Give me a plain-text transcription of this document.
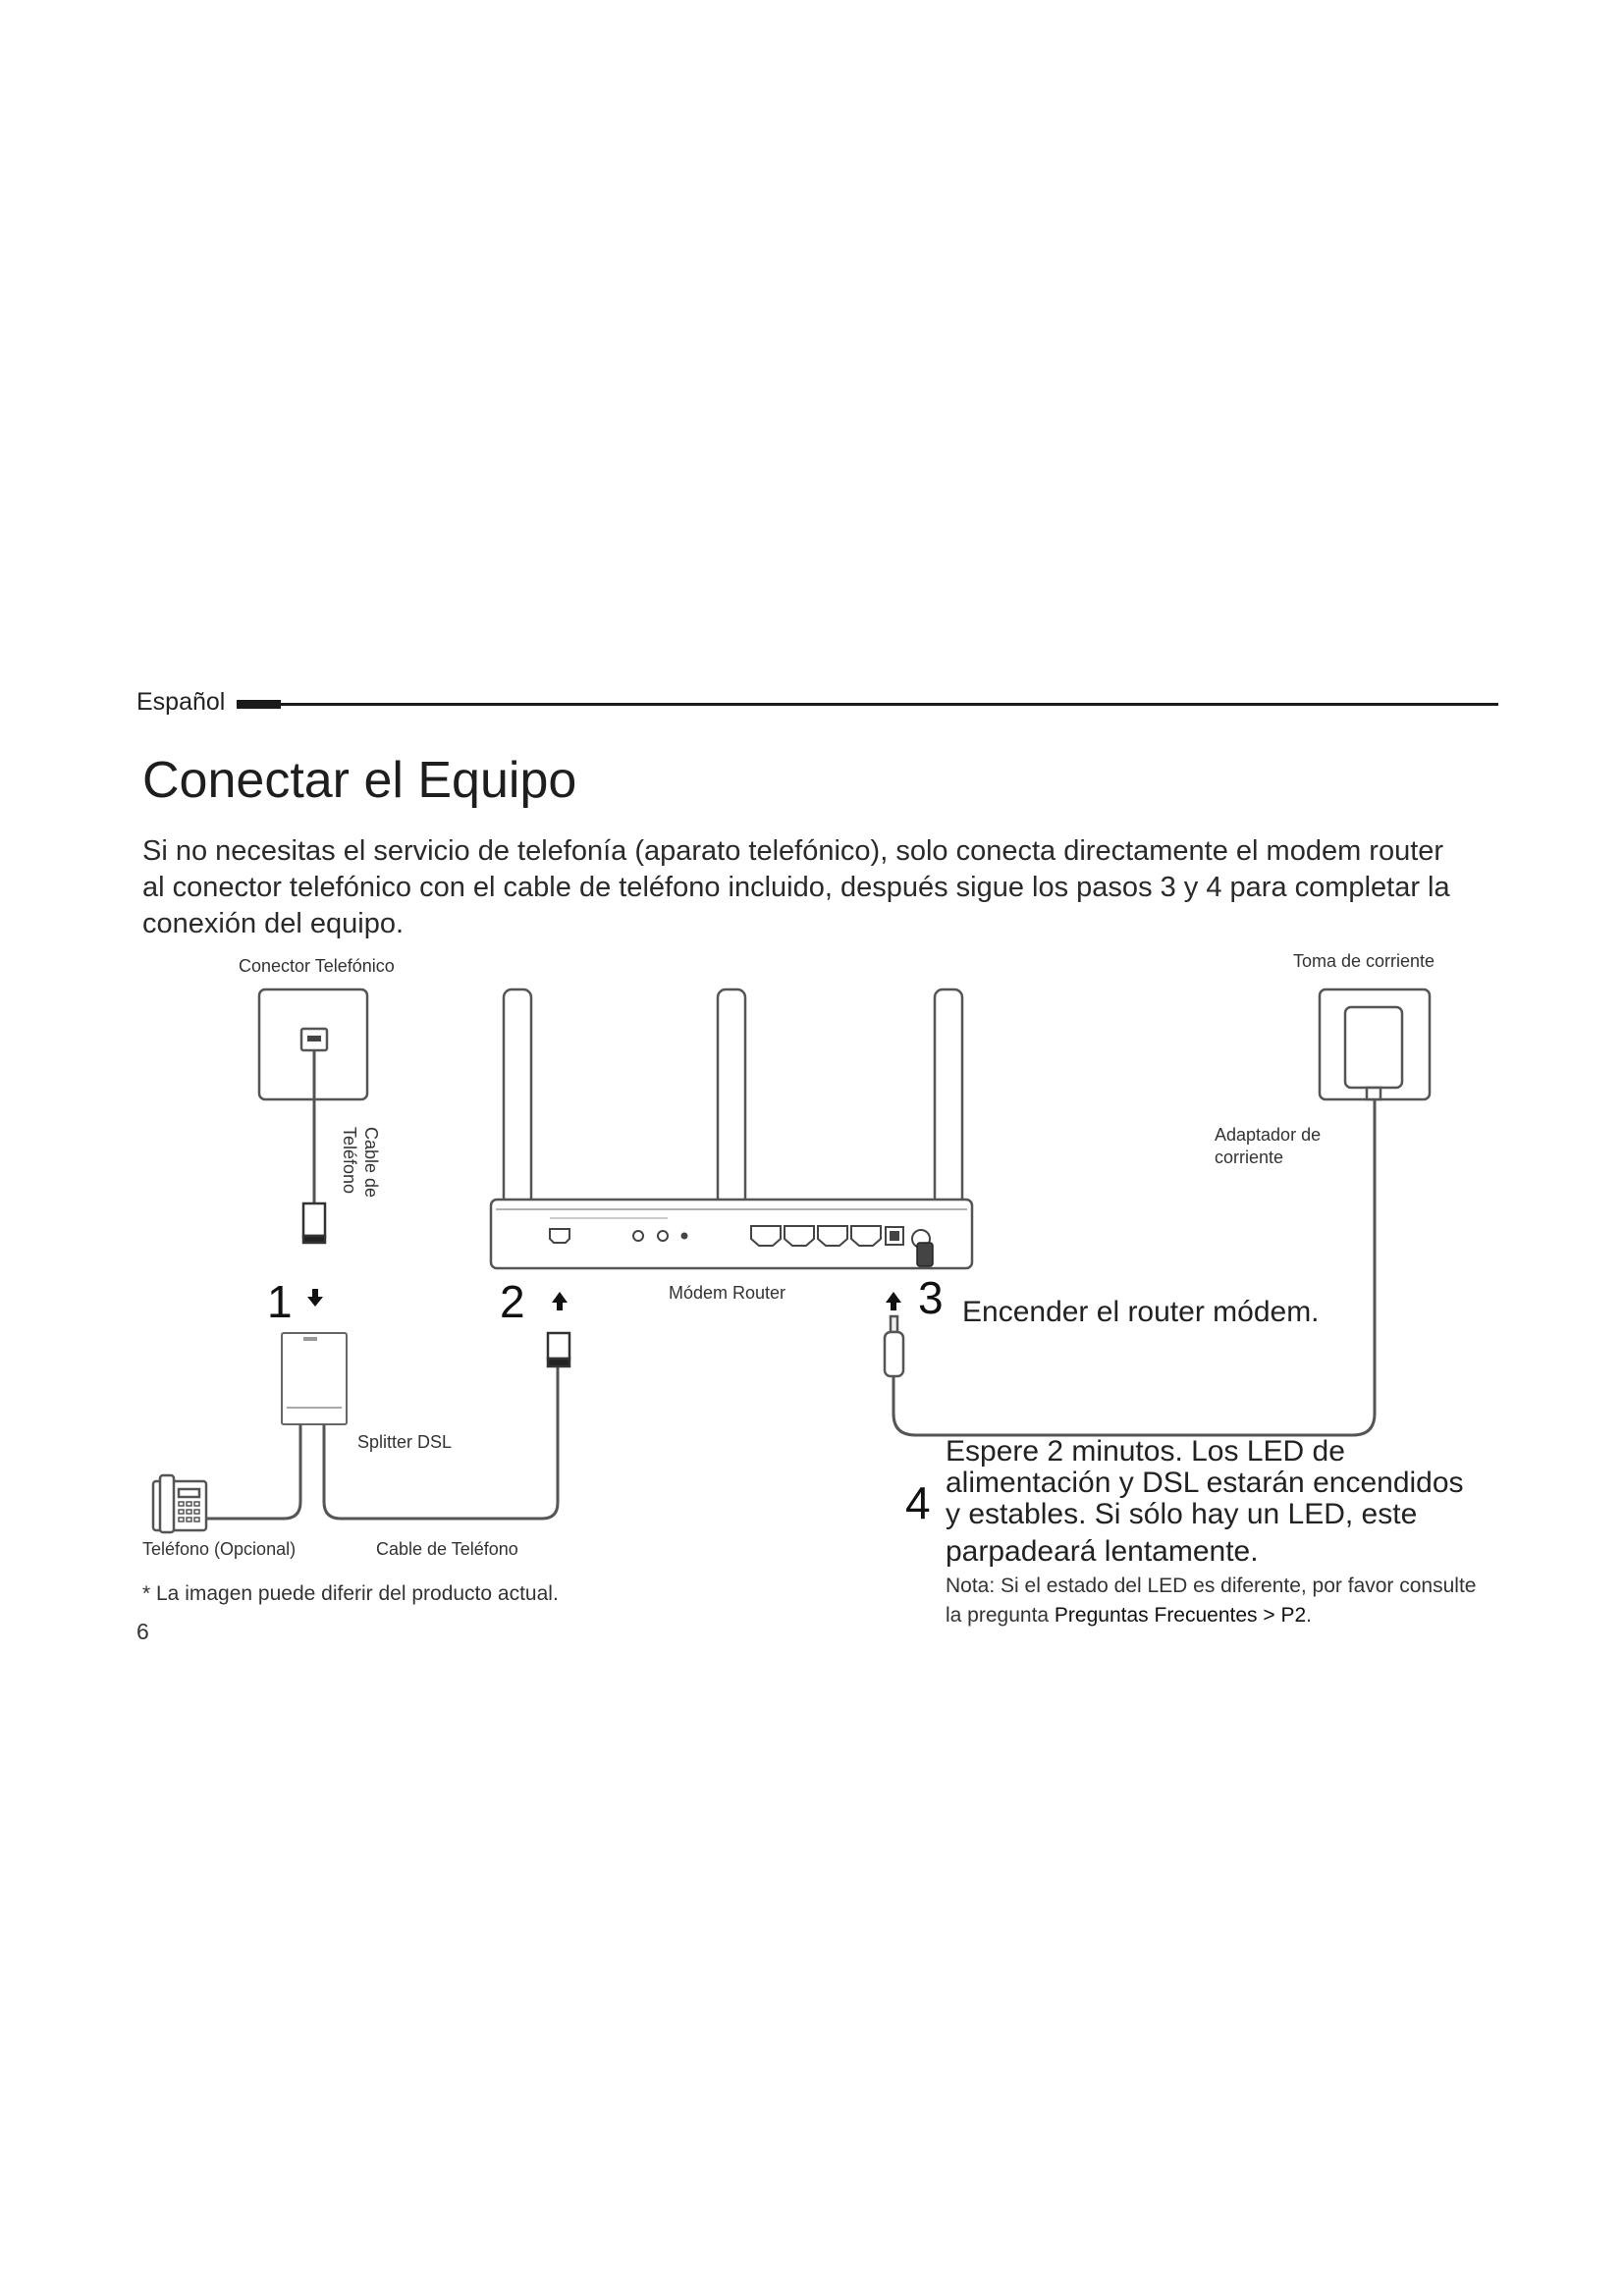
Español
Conectar el Equipo
Si no necesitas el servicio de telefonía (aparato telefónico), solo conecta directamente el modem router
al conector telefónico con el cable de teléfono incluido, después sigue los pasos 3 y 4 para completar la
conexión del equipo.
Conector Telefónico
Cable de
Teléfono
Splitter DSL
Teléfono (Opcional)	Cable de Teléfono
Módem Router
Toma de corriente
Adaptador de
corriente
1	2	3 Encender el router módem.
4
Espere 2 minutos. Los LED de
alimentación y DSL estarán encendidos
y estables. Si sólo hay un LED, este
parpadeará lentamente.
Nota: Si el estado del LED es diferente, por favor consulte
la pregunta Preguntas Frecuentes > P2.
* La imagen puede diferir del producto actual.
6
